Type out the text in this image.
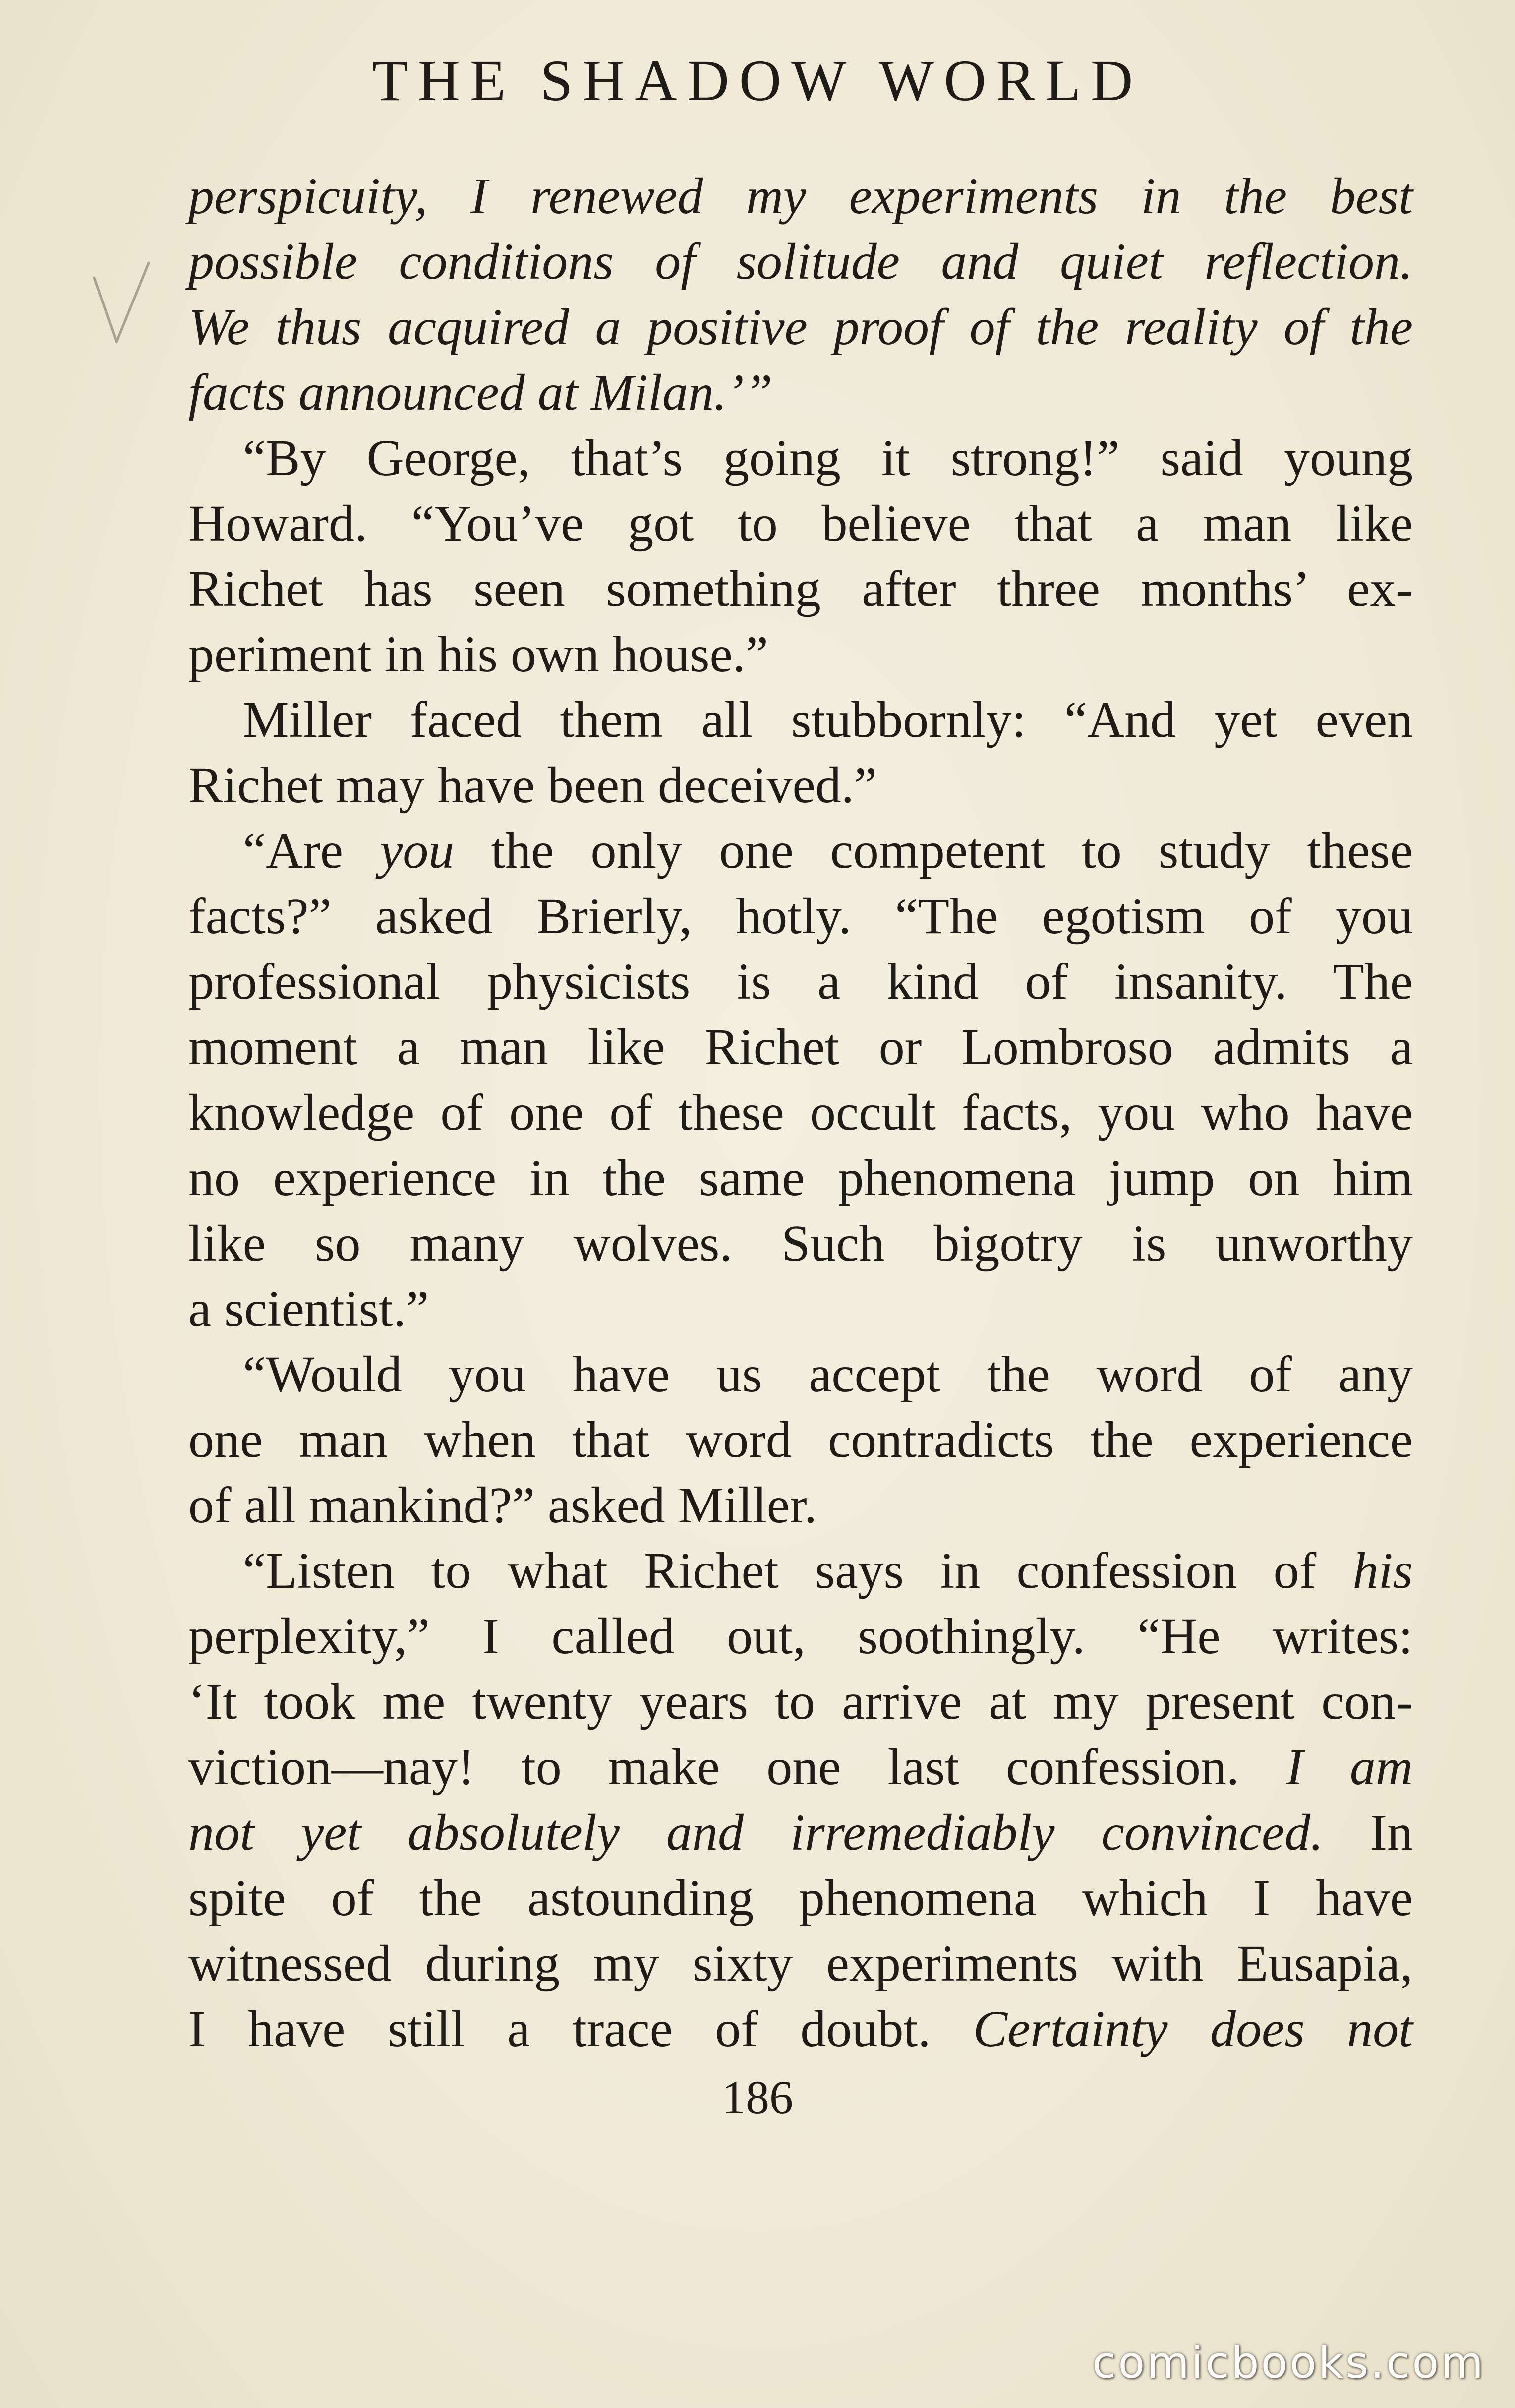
THE SHADOW WORLD
perspicuity, I renewed my experiments in the best
possible conditions of solitude and quiet reflection.
We thus acquired a positive proof of the reality of the
facts announced at Milan.’”
“By George, that’s going it strong!” said young
Howard. “You’ve got to believe that a man like
Richet has seen something after three months’ ex-
periment in his own house.”
Miller faced them all stubbornly: “And yet even
Richet may have been deceived.”
“Are you the only one competent to study these
facts?” asked Brierly, hotly. “The egotism of you
professional physicists is a kind of insanity. The
moment a man like Richet or Lombroso admits a
knowledge of one of these occult facts, you who have
no experience in the same phenomena jump on him
like so many wolves. Such bigotry is unworthy
a scientist.”
“Would you have us accept the word of any
one man when that word contradicts the experience
of all mankind?” asked Miller.
“Listen to what Richet says in confession of his
perplexity,” I called out, soothingly. “He writes:
‘It took me twenty years to arrive at my present con-
viction—nay! to make one last confession. I am
not yet absolutely and irremediably convinced. In
spite of the astounding phenomena which I have
witnessed during my sixty experiments with Eusapia,
I have still a trace of doubt. Certainty does not
186
comicbooks.com
